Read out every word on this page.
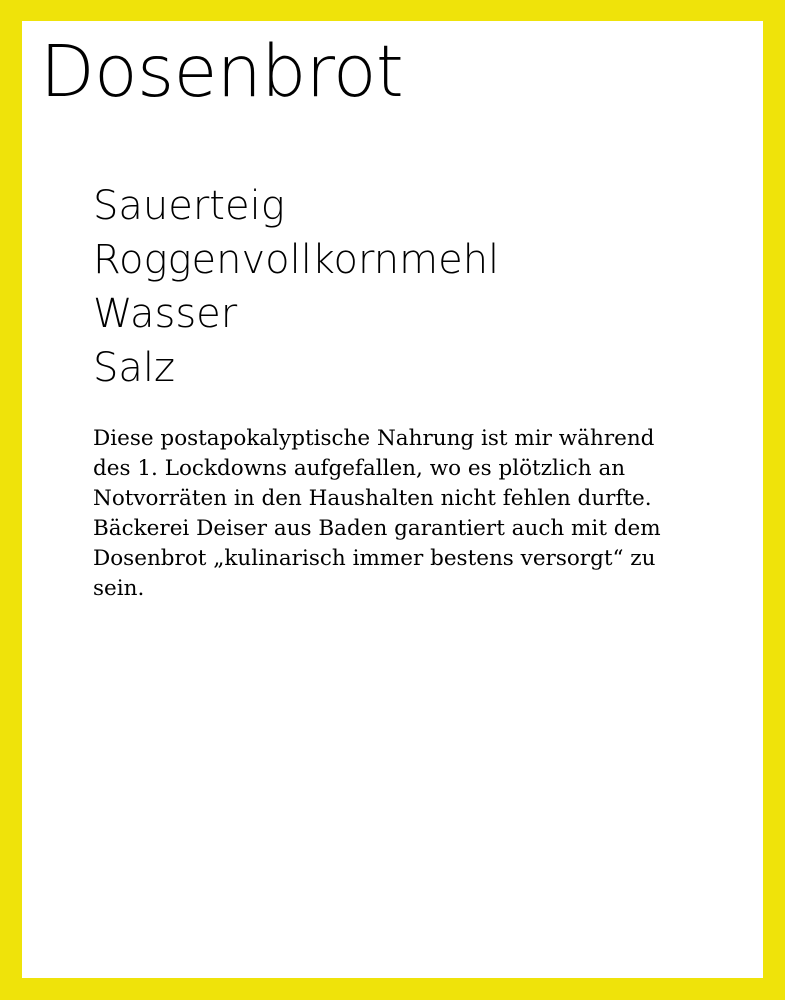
Dosenbrot
Sauerteig
Roggenvollkornmehl
Wasser
Salz

Diese postapokalyptische Nahrung ist mir während des 1. Lockdowns aufgefallen, wo es plötzlich an Notvorräten in den Haushalten nicht fehlen durfte. Bäckerei Deiser aus Baden garantiert auch mit dem Dosenbrot „kulinarisch immer bestens versorgt“ zu sein.
